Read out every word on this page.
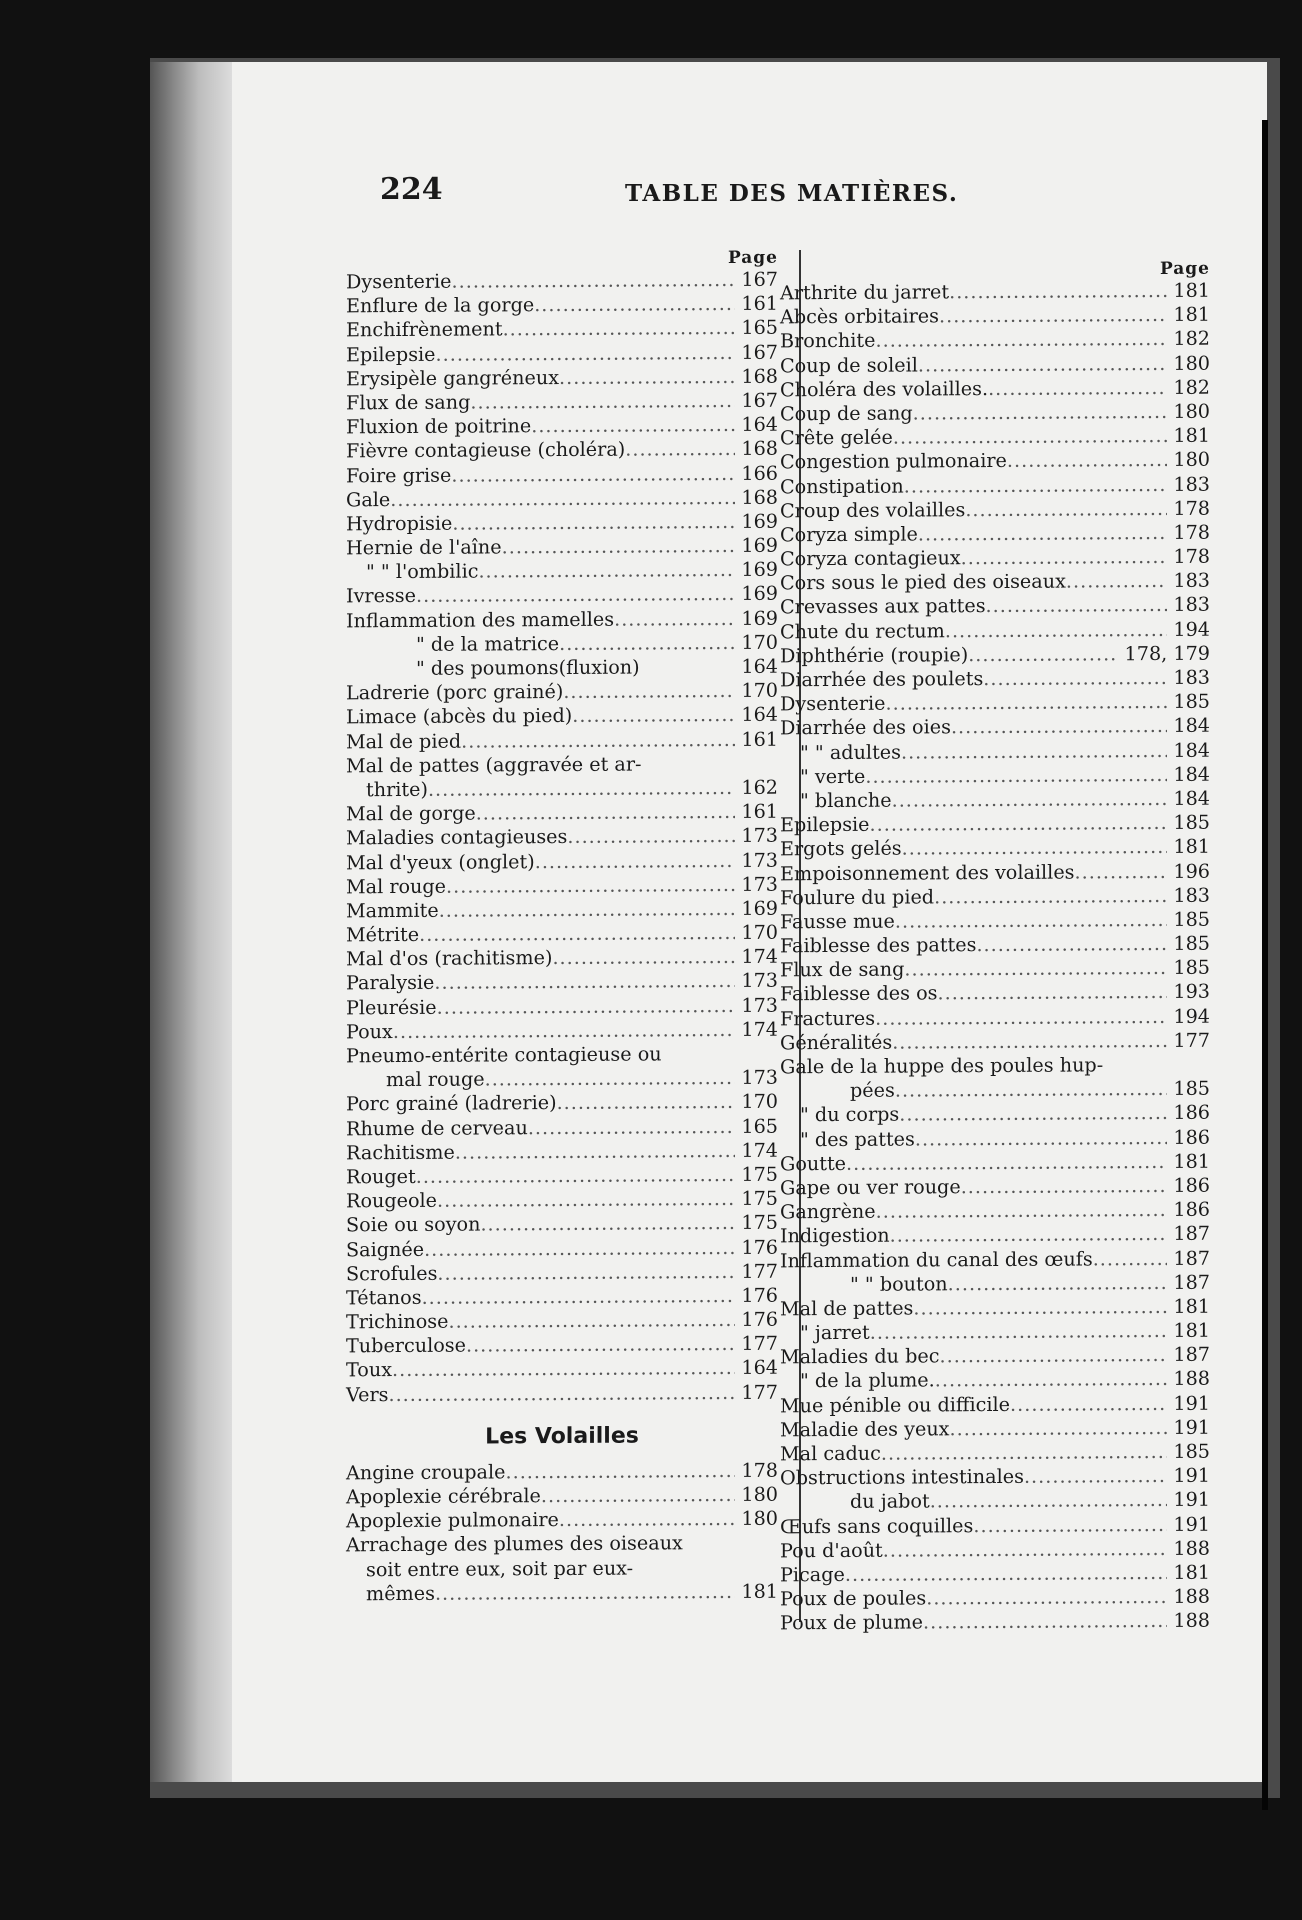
224	TABLE DES MATIÈRES.
Page
Dysenterie .....	167
Enflure de la gorge .....	161
Enchifrènement .....	165
Epilepsie .....	167
Erysipèle gangréneux .....	168
Flux de sang .....	167
Fluxion de poitrine .....	164
Fièvre contagieuse (choléra) .....	168
Foire grise .....	166
Gale .....	168
Hydropisie .....	169
Hernie de l'aîne .....	169
" " l'ombilic .....	169
Ivresse .....	169
Inflammation des mamelles .....	169
" de la matrice .....	170
" des poumons(fluxion)	164
Ladrerie (porc grainé) .....	170
Limace (abcès du pied) .....	164
Mal de pied .....	161
Mal de pattes (aggravée et ar-
thrite) .....	162
Mal de gorge .....	161
Maladies contagieuses .....	173
Mal d'yeux (onglet) .....	173
Mal rouge .....	173
Mammite .....	169
Métrite .....	170
Mal d'os (rachitisme) .....	174
Paralysie .....	173
Pleurésie .....	173
Poux .....	174
Pneumo-entérite contagieuse ou
mal rouge .....	173
Porc grainé (ladrerie) .....	170
Rhume de cerveau .....	165
Rachitisme .....	174
Rouget .....	175
Rougeole .....	175
Soie ou soyon .....	175
Saignée .....	176
Scrofules .....	177
Tétanos .....	176
Trichinose .....	176
Tuberculose .....	177
Toux .....	164
Vers .....	177
Les Volailles
Angine croupale .....	178
Apoplexie cérébrale .....	180
Apoplexie pulmonaire .....	180
Arrachage des plumes des oiseaux
soit entre eux, soit par eux-
mêmes .....	181
Page
Arthrite du jarret .....	181
Abcès orbitaires .....	181
Bronchite .....	182
Coup de soleil .....	180
Choléra des volailles. .....	182
Coup de sang .....	180
Crête gelée .....	181
Congestion pulmonaire .....	180
Constipation .....	183
Croup des volailles .....	178
Coryza simple .....	178
Coryza contagieux .....	178
Cors sous le pied des oiseaux .....	183
Crevasses aux pattes .....	183
Chute du rectum .....	194
Diphthérie (roupie) .....	178, 179
Diarrhée des poulets .....	183
Dysenterie .....	185
Diarrhée des oies .....	184
" " adultes .....	184
" verte .....	184
" blanche .....	184
Epilepsie .....	185
Ergots gelés .....	181
Empoisonnement des volailles .....	196
Foulure du pied .....	183
Fausse mue .....	185
Faiblesse des pattes .....	185
Flux de sang .....	185
Faiblesse des os .....	193
Fractures .....	194
Généralités .....	177
Gale de la huppe des poules hup-
pées .....	185
" du corps .....	186
" des pattes .....	186
Goutte .....	181
Gape ou ver rouge .....	186
Gangrène .....	186
Indigestion .....	187
Inflammation du canal des œufs .....	187
" " bouton .....	187
Mal de pattes .....	181
" jarret .....	181
Maladies du bec .....	187
" de la plume. .....	188
Mue pénible ou difficile .....	191
Maladie des yeux .....	191
Mal caduc .....	185
Obstructions intestinales .....	191
du jabot .....	191
Œufs sans coquilles .....	191
Pou d'août .....	188
Picage .....	181
Poux de poules .....	188
Poux de plume .....	188
